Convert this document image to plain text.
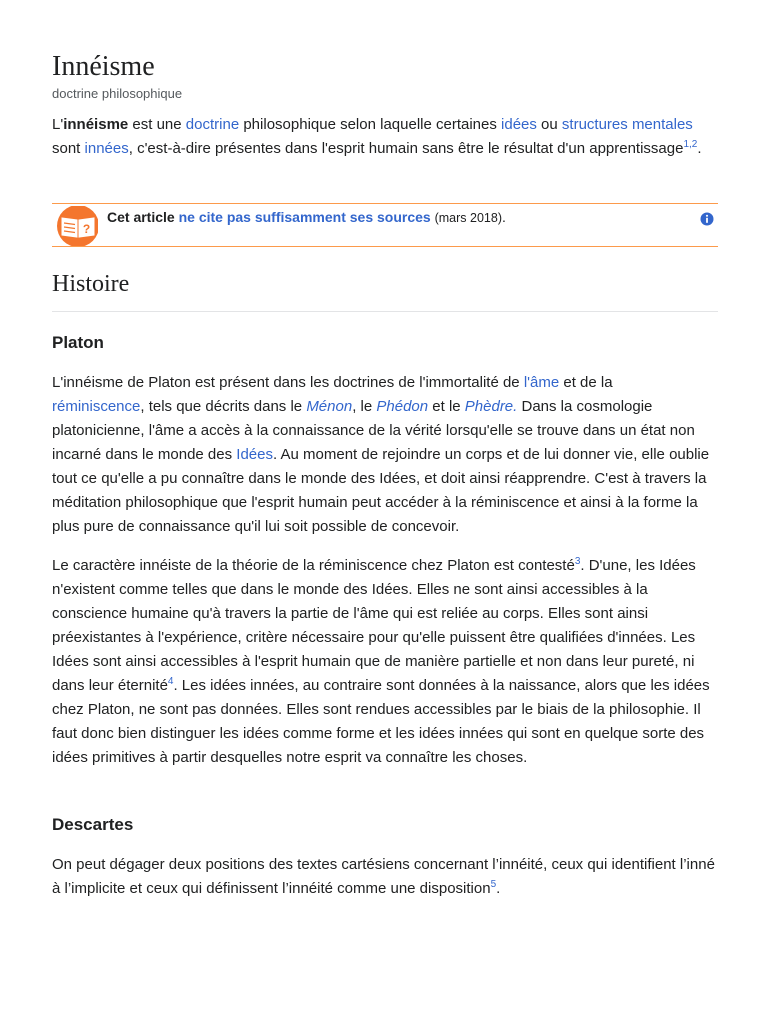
Innéisme
doctrine philosophique

L'innéisme est une doctrine philosophique selon laquelle certaines idées ou structures mentales
sont innées, c'est-à-dire présentes dans l'esprit humain sans être le résultat d'un apprentissage$^{1,2}$.

?
Cet article ne cite pas suffisamment ses sources (mars 2018).
Histoire
Platon

L'innéisme de Platon est présent dans les doctrines de l'immortalité de l'âme et de la
réminiscence, tels que décrits dans le Ménon, le Phédon et le Phèdre. Dans la cosmologie platonicienne, l'âme a accès à la connaissance de la vérité lorsqu'elle se trouve dans un état non incarné dans le monde des Idées. Au moment de rejoindre un corps et de lui donner vie, elle oublie tout ce qu'elle a pu connaître dans le monde des Idées, et doit ainsi réapprendre. C'est à travers la méditation philosophique que l'esprit humain peut accéder à la réminiscence et ainsi à la forme la plus pure de connaissance qu'il lui soit possible de concevoir.

Le caractère innéiste de la théorie de la réminiscence chez Platon est contesté$^3$. D'une, les Idées n'existent comme telles que dans le monde des Idées. Elles ne sont ainsi accessibles à la conscience humaine qu'à travers la partie de l'âme qui est reliée au corps. Elles sont ainsi préexistantes à l'expérience, critère nécessaire pour qu'elle puissent être qualifiées d'innées. Les Idées sont ainsi accessibles à l'esprit humain que de manière partielle et non dans leur pureté, ni dans leur éternité$^4$. Les idées innées, au contraire sont données à la naissance, alors que les idées chez Platon, ne sont pas données. Elles sont rendues accessibles par le biais de la philosophie. Il faut donc bien distinguer les idées comme forme et les idées innées qui sont en quelque sorte des idées primitives à partir desquelles notre esprit va connaître les choses.

Descartes

On peut dégager deux positions des textes cartésiens concernant l’innéité, ceux qui identifient l’inné à l’implicite et ceux qui définissent l’innéité comme une disposition$^5$.
